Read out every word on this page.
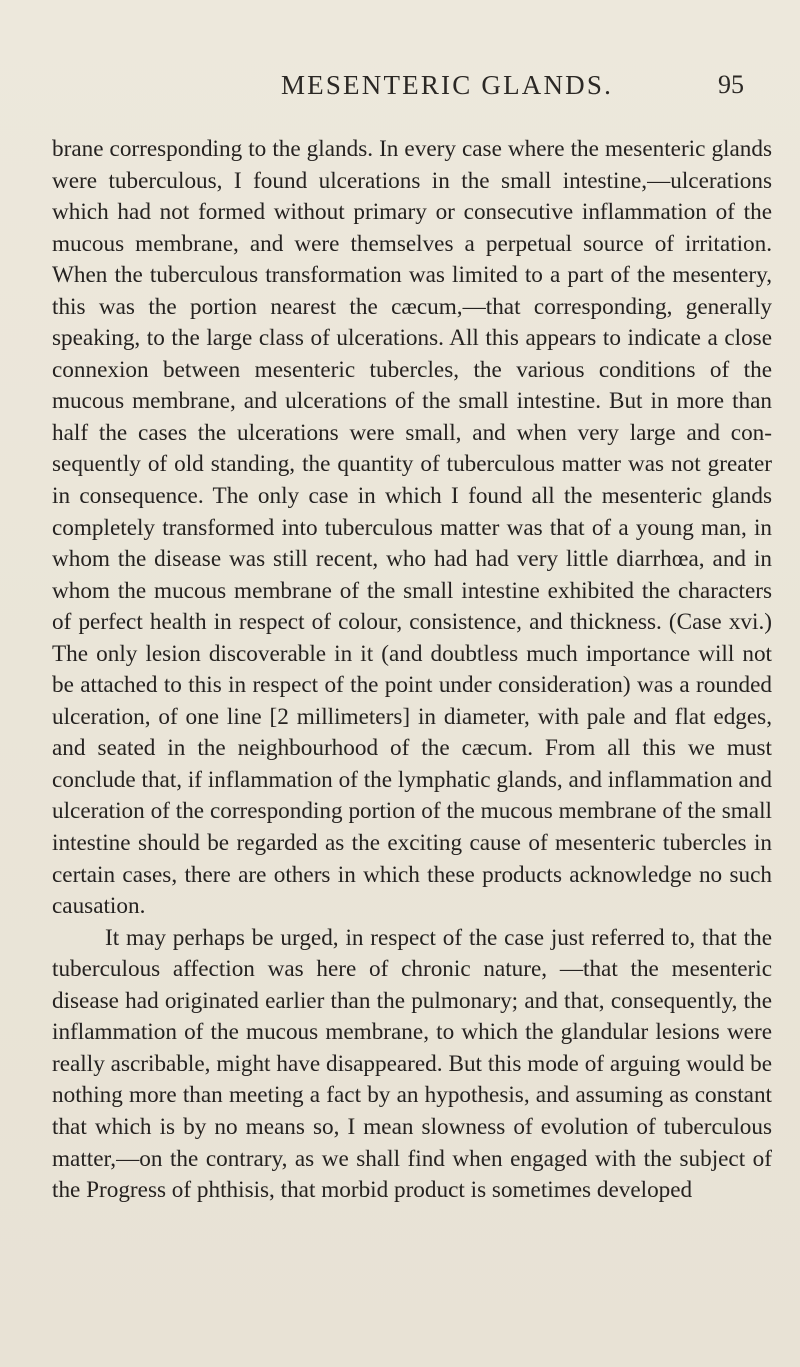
MESENTERIC GLANDS.	95

brane corresponding to the glands. In every case where the mesenteric glands were tuberculous, I found ulcerations in the small intestine,—ulcerations which had not formed without primary or consecutive inflammation of the mucous membrane, and were themselves a perpetual source of irritation. When the tuberculous transformation was limited to a part of the mesentery, this was the portion nearest the cæcum,—that corresponding, generally speaking, to the large class of ulcerations. All this appears to indicate a close connexion between mesenteric tubercles, the various conditions of the mucous membrane, and ulcerations of the small intestine. But in more than half the cases the ulcerations were small, and when very large and consequently of old standing, the quantity of tuberculous matter was not greater in consequence. The only case in which I found all the mesenteric glands completely transformed into tuberculous matter was that of a young man, in whom the disease was still recent, who had had very little diarrhœa, and in whom the mucous membrane of the small intestine exhibited the characters of perfect health in respect of colour, consistence, and thickness. (Case xvi.) The only lesion discoverable in it (and doubtless much importance will not be attached to this in respect of the point under consideration) was a rounded ulceration, of one line [2 millimeters] in diameter, with pale and flat edges, and seated in the neighbourhood of the cæcum. From all this we must conclude that, if inflammation of the lymphatic glands, and inflammation and ulceration of the corresponding portion of the mucous membrane of the small intestine should be regarded as the exciting cause of mesenteric tubercles in certain cases, there are others in which these products acknowledge no such causation.

It may perhaps be urged, in respect of the case just referred to, that the tuberculous affection was here of chronic nature, —that the mesenteric disease had originated earlier than the pulmonary; and that, consequently, the inflammation of the mucous membrane, to which the glandular lesions were really ascribable, might have disappeared. But this mode of arguing would be nothing more than meeting a fact by an hypothesis, and assuming as constant that which is by no means so, I mean slowness of evolution of tuberculous matter,—on the contrary, as we shall find when engaged with the subject of the Progress of phthisis, that morbid product is sometimes developed
